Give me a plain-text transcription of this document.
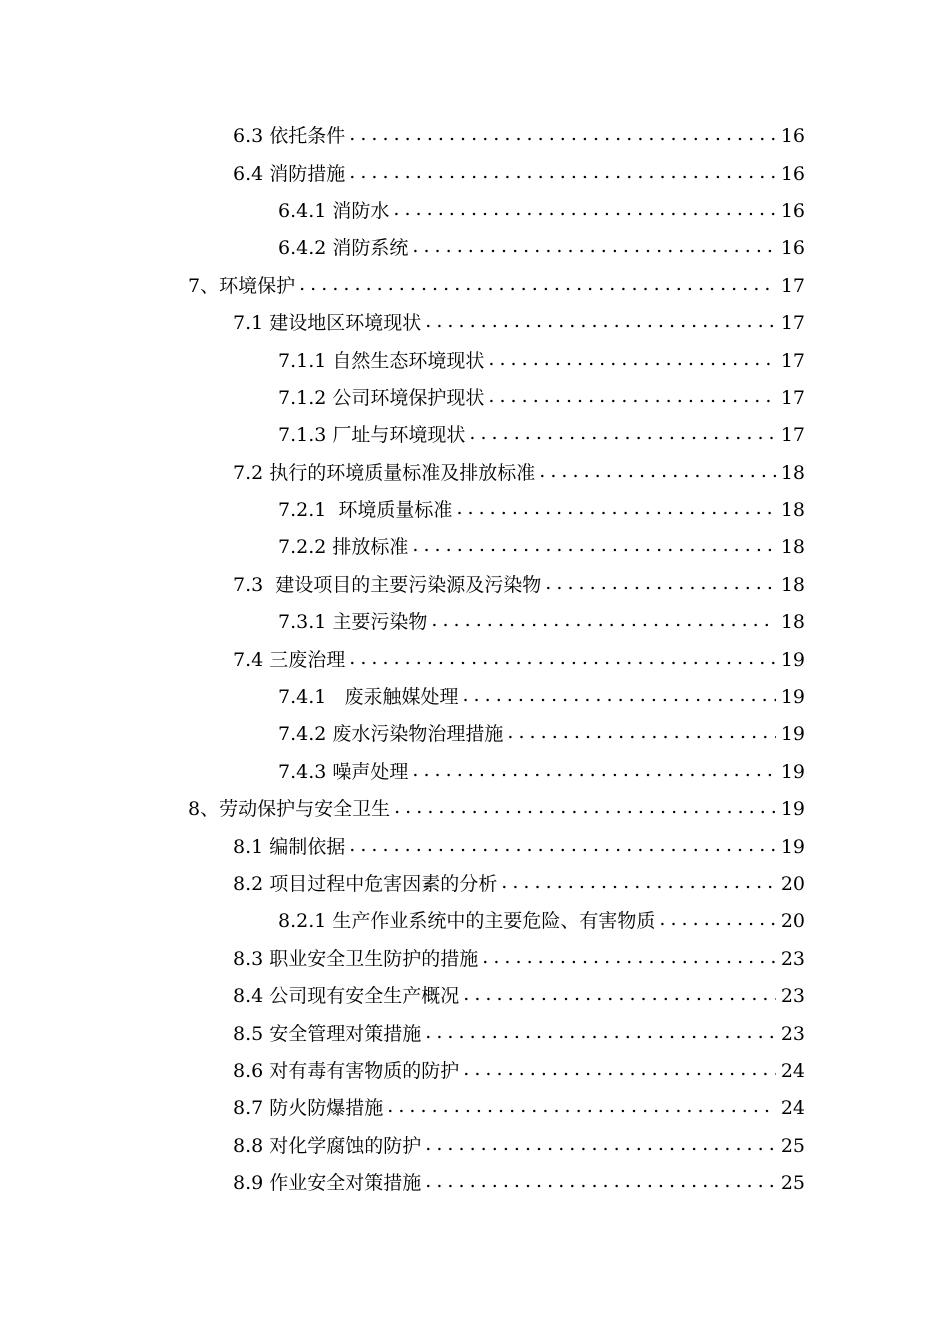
6.3 依托条件 . . .	16
6.4 消防措施 . . .	16
6.4.1 消防水 . . .	16
6.4.2 消防系统 . . .	16
7、环境保护 . . .	17
7.1 建设地区环境现状 . . .	17
7.1.1 自然生态环境现状 . . .	17
7.1.2 公司环境保护现状 . . .	17
7.1.3 厂址与环境现状 . . .	17
7.2 执行的环境质量标准及排放标准 . . .	18
7.2.1  环境质量标准 . . .	18
7.2.2 排放标准 . . .	18
7.3  建设项目的主要污染源及污染物 . . .	18
7.3.1 主要污染物 . . .	18
7.4 三废治理 . . .	19
7.4.1   废汞触媒处理 . . .	19
7.4.2 废水污染物治理措施 . . .	19
7.4.3 噪声处理 . . .	19
8、劳动保护与安全卫生 . . .	19
8.1 编制依据 . . .	19
8.2 项目过程中危害因素的分析 . . .	20
8.2.1 生产作业系统中的主要危险、有害物质 . . .	20
8.3 职业安全卫生防护的措施 . . .	23
8.4 公司现有安全生产概况 . . .	23
8.5 安全管理对策措施 . . .	23
8.6 对有毒有害物质的防护 . . .	24
8.7 防火防爆措施 . . .	24
8.8 对化学腐蚀的防护 . . .	25
8.9 作业安全对策措施 . . .	25
